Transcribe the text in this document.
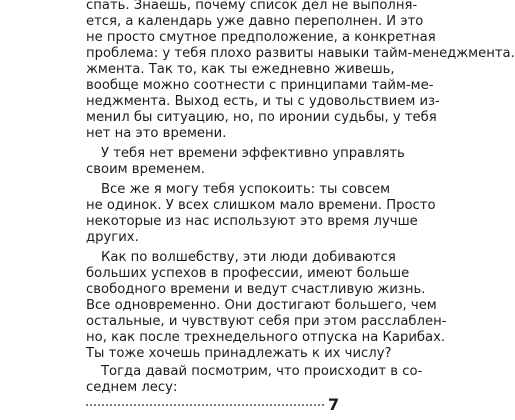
спать. Знаешь, почему список дел не выполня-

ется, а календарь уже давно переполнен. И это

не просто смутное предположение, а конкретная

проблема: у тебя плохо развиты навыки тайм-менеджмента.

жмента. Так то, как ты ежедневно живешь,

вообще можно соотнести с принципами тайм-ме-

неджмента. Выход есть, и ты с удовольствием из-

менил бы ситуацию, но, по иронии судьбы, у тебя

нет на это времени.

У тебя нет времени эффективно управлять

своим временем.

Все же я могу тебя успокоить: ты совсем

не одинок. У всех слишком мало времени. Просто

некоторые из нас используют это время лучше

других.

Как по волшебству, эти люди добиваются

больших успехов в профессии, имеют больше

свободного времени и ведут счастливую жизнь.

Все одновременно. Они достигают большего, чем

остальные, и чувствуют себя при этом расслаблен-

но, как после трехнедельного отпуска на Карибах.

Ты тоже хочешь принадлежать к их числу?

Тогда давай посмотрим, что происходит в со-

седнем лесу:

7
